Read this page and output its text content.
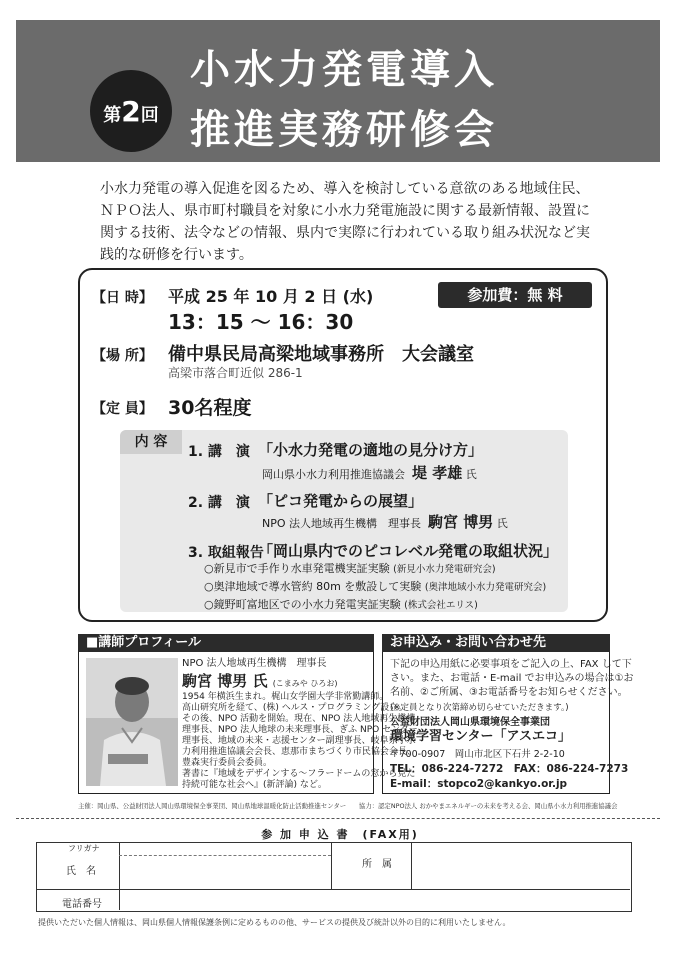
第2回
小水力発電導入
推進実務研修会
小水力発電の導入促進を図るため、導入を検討している意欲のある地域住民、ＮＰＯ法人、県市町村職員を対象に小水力発電施設に関する最新情報、設置に関する技術、法令などの情報、県内で実際に行われている取り組み状況など実践的な研修を行います。
【日 時】 平成 25 年 10 月 2 日 (水)
13：15 〜 16：30
参加費：無 料
【場 所】 備中県民局高梁地域事務所　大会議室
高梁市落合町近似 286-1
【定 員】 30名程度
内 容
1. 講　演 「小水力発電の適地の見分け方」
岡山県小水力利用推進協議会 堤 孝雄 氏
2. 講　演 「ピコ発電からの展望」
NPO 法人地域再生機構　理事長 駒宮 博男 氏
3. 取組報告
「岡山県内でのピコレベル発電の取組状況」
○新見市で手作り水車発電機実証実験 (新見小水力発電研究会)
○奥津地域で導水管約 80m を敷設して実験 (奥津地域小水力発電研究会)
○鏡野町富地区での小水力発電実証実験 (株式会社エリス)
■講師プロフィール
NPO 法人地域再生機構　理事長
駒宮 博男 氏 (こまみや ひろお)
1954 年横浜生まれ。梶山女学園大学非常勤講師。
高山研究所を経て、(株) ヘルス・プログラミング設立。
その後、NPO 活動を開始。現在、NPO 法人地域再生機構
理事長、NPO 法人地球の未来理事長、ぎふ NPO センター
理事長、地域の未来・志援センター副理事長、岐阜県小水
力利用推進協議会会長、恵那市まちづくり市民協会会長、
豊森実行委員会委員。
著書に『地域をデザインする〜フラードームの窓から見た
持続可能な社会へ』(新評論) など。
お申込み・お問い合わせ先
下記の申込用紙に必要事項をご記入の上、FAX して下
さい。また、お電話・E-mail でお申込みの場合は①お
名前、②ご所属、③お電話番号をお知らせください。
(※定員となり次第締め切らせていただきます。)
公益財団法人岡山県環境保全事業団
環境学習センター「アスエコ」
〒700-0907　岡山市北区下石井 2-2-10
TEL：086-224-7272　FAX：086-224-7273
E-mail：stopco2@kankyo.or.jp
主催：岡山県、公益財団法人岡山県環境保全事業団、岡山県地球温暖化防止活動推進センター　　協力：認定NPO法人 おかやまエネルギーの未来を考える会、岡山県小水力利用推進協議会
参 加 申 込 書　(FAX用)
フリガナ
氏　名
所　属
電話番号
提供いただいた個人情報は、岡山県個人情報保護条例に定めるものの他、サービスの提供及び統計以外の目的に利用いたしません。
